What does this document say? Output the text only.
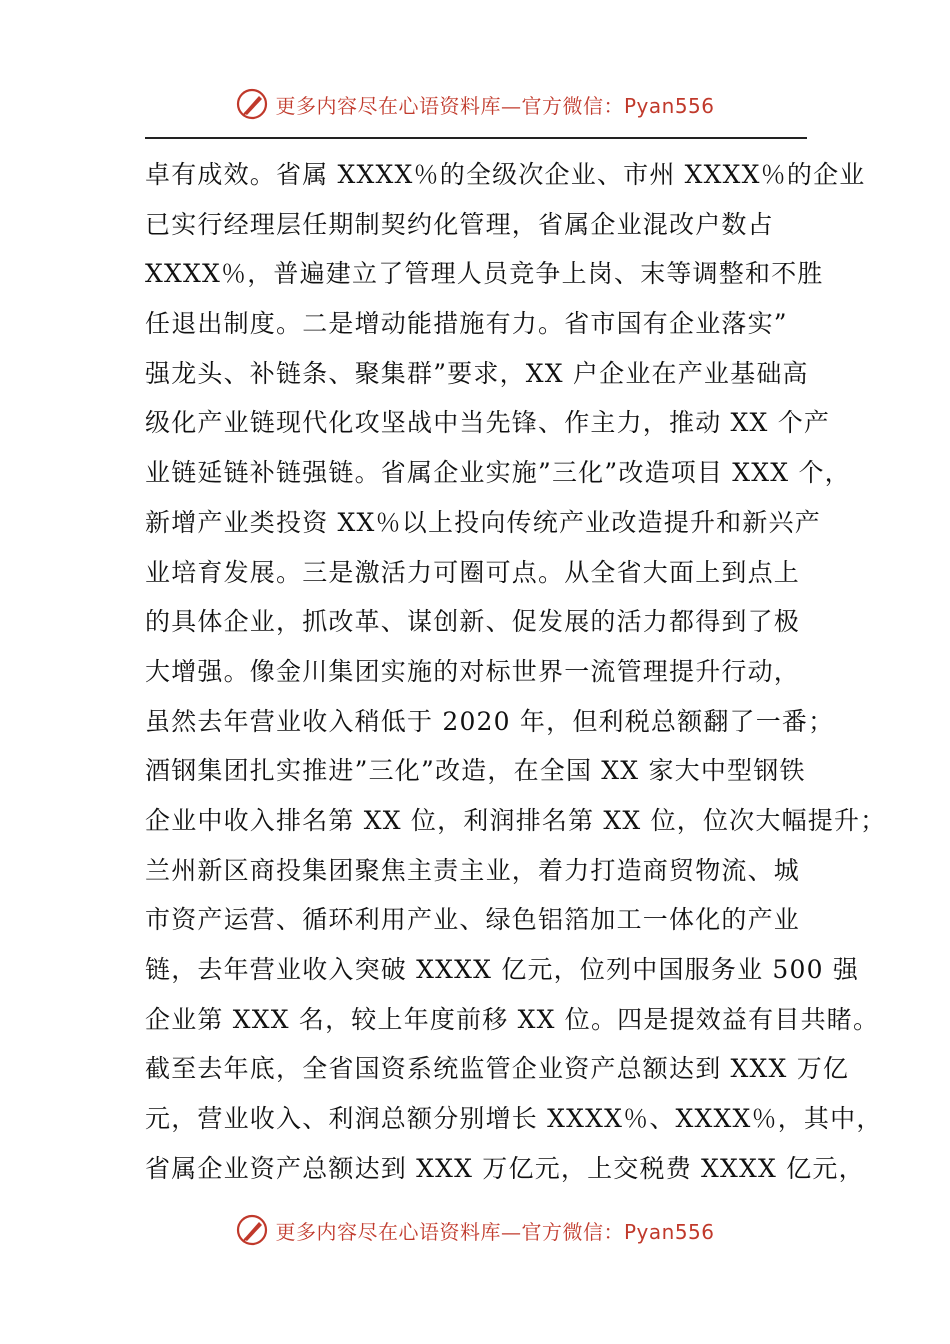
更多内容尽在心语资料库—官方微信：Pyan556
卓有成效。省属 XXXX％的全级次企业、市州 XXXX％的企业
已实行经理层任期制契约化管理，省属企业混改户数占
XXXX％，普遍建立了管理人员竞争上岗、末等调整和不胜
任退出制度。二是增动能措施有力。省市国有企业落实”
强龙头、补链条、聚集群”要求，XX 户企业在产业基础高
级化产业链现代化攻坚战中当先锋、作主力，推动 XX 个产
业链延链补链强链。省属企业实施”三化”改造项目 XXX 个，
新增产业类投资 XX％以上投向传统产业改造提升和新兴产
业培育发展。三是激活力可圈可点。从全省大面上到点上
的具体企业，抓改革、谋创新、促发展的活力都得到了极
大增强。像金川集团实施的对标世界一流管理提升行动，
虽然去年营业收入稍低于 2020 年，但利税总额翻了一番；
酒钢集团扎实推进”三化”改造，在全国 XX 家大中型钢铁
企业中收入排名第 XX 位，利润排名第 XX 位，位次大幅提升；
兰州新区商投集团聚焦主责主业，着力打造商贸物流、城
市资产运营、循环利用产业、绿色铝箔加工一体化的产业
链，去年营业收入突破 XXXX 亿元，位列中国服务业 500 强
企业第 XXX 名，较上年度前移 XX 位。四是提效益有目共睹。
截至去年底，全省国资系统监管企业资产总额达到 XXX 万亿
元，营业收入、利润总额分别增长 XXXX％、XXXX％，其中，
省属企业资产总额达到 XXX 万亿元，上交税费 XXXX 亿元，
更多内容尽在心语资料库—官方微信：Pyan556
